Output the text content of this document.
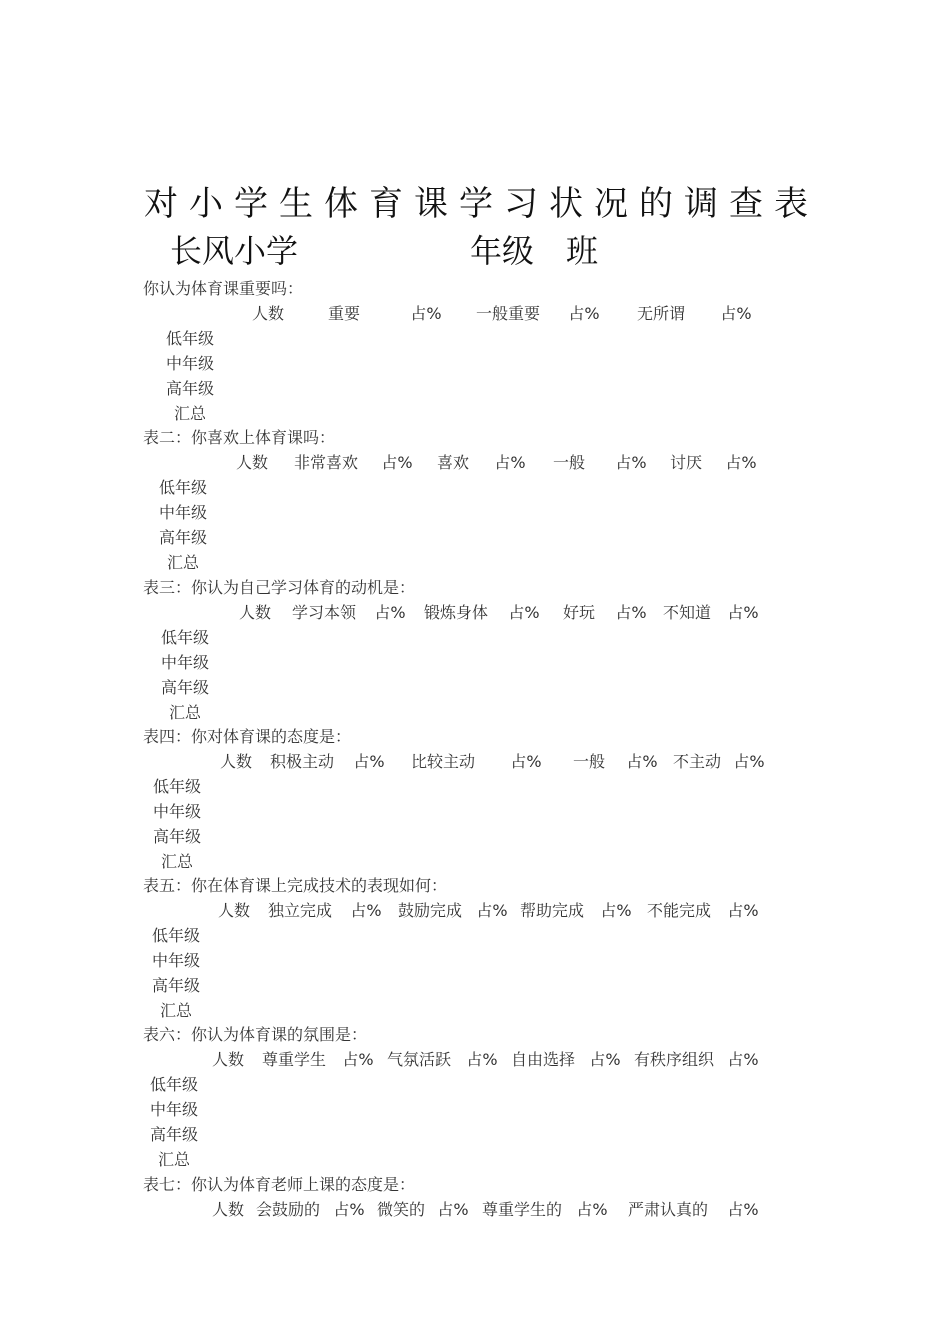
对小学生体育课学习状况的调查表
长风小学	年级 班
你认为体育课重要吗：
人数	重要	占% 一般重要 占% 无所谓 占%
低年级
中年级
高年级
汇总
表二：你喜欢上体育课吗：
人数 非常喜欢 占% 喜欢 占% 一般 占% 讨厌 占%
低年级
中年级
高年级
汇总
表三：你认为自己学习体育的动机是：
人数 学习本领 占% 锻炼身体 占% 好玩 占% 不知道 占%
低年级
中年级
高年级
汇总
表四：你对体育课的态度是：
人数 积极主动 占% 比较主动 占% 一般 占% 不主动 占%
低年级
中年级
高年级
汇总
表五：你在体育课上完成技术的表现如何：
人数 独立完成 占% 鼓励完成 占% 帮助完成 占% 不能完成 占%
低年级
中年级
高年级
汇总
表六：你认为体育课的氛围是：
人数 尊重学生 占% 气氛活跃 占% 自由选择 占% 有秩序组织 占%
低年级
中年级
高年级
汇总
表七：你认为体育老师上课的态度是：
人数 会鼓励的 占% 微笑的 占% 尊重学生的 占% 严肃认真的 占%
